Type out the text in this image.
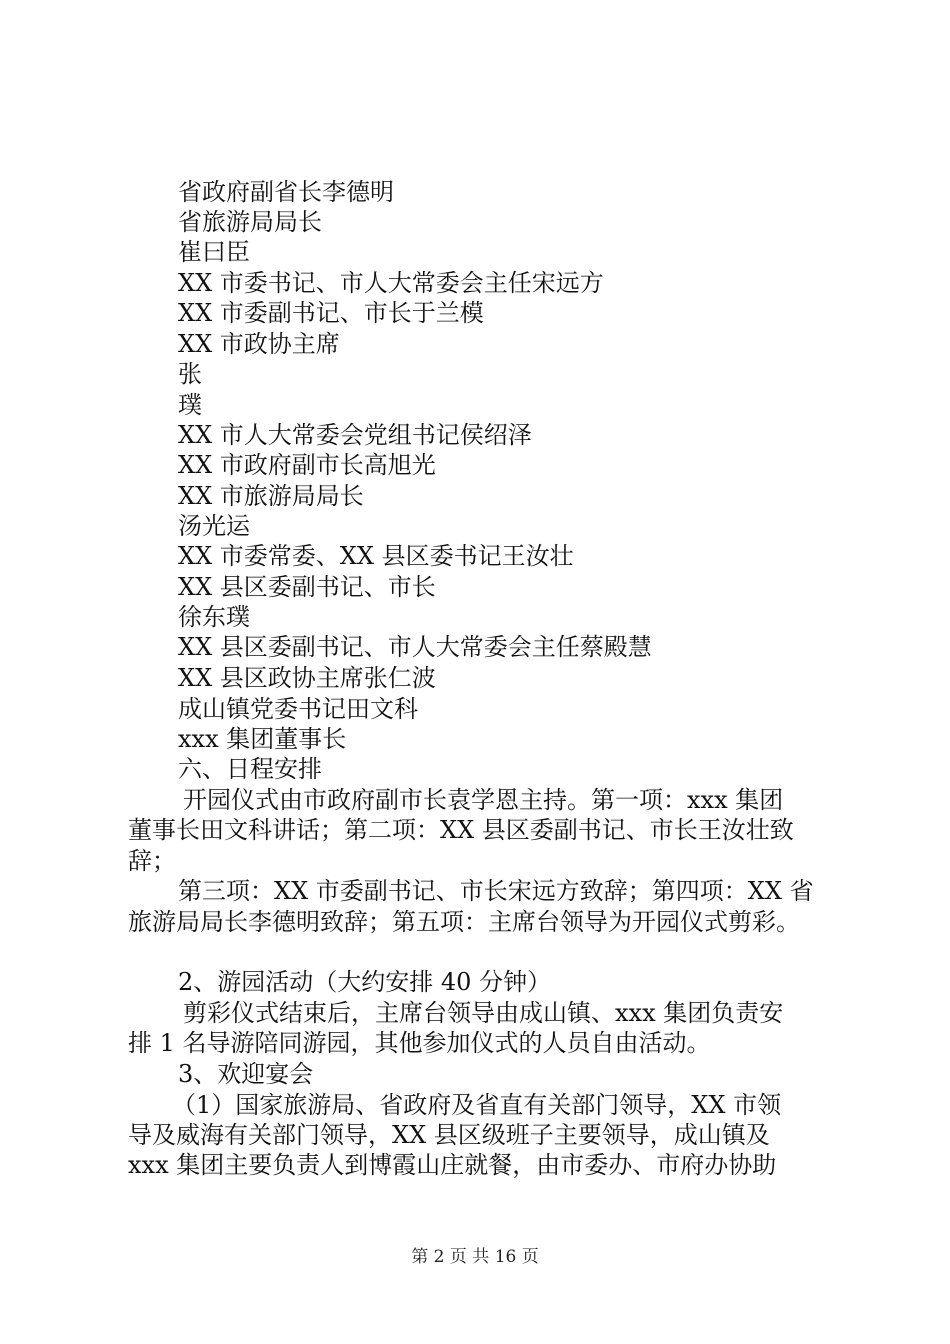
省政府副省长李德明
省旅游局局长
崔曰臣
XX 市委书记、市人大常委会主任宋远方
XX 市委副书记、市长于兰模
XX 市政协主席
张
璞
XX 市人大常委会党组书记侯绍泽
XX 市政府副市长高旭光
XX 市旅游局局长
汤光运
XX 市委常委、XX 县区委书记王汝壮
XX 县区委副书记、市长
徐东璞
XX 县区委副书记、市人大常委会主任蔡殿慧
XX 县区政协主席张仁波
成山镇党委书记田文科
xxx 集团董事长
六、日程安排
开园仪式由市政府副市长袁学恩主持。第一项：xxx 集团
董事长田文科讲话；第二项：XX 县区委副书记、市长王汝壮致
辞；
第三项：XX 市委副书记、市长宋远方致辞；第四项：XX 省
旅游局局长李德明致辞；第五项：主席台领导为开园仪式剪彩。
2、游园活动（大约安排 40 分钟）
剪彩仪式结束后，主席台领导由成山镇、xxx 集团负责安
排 1 名导游陪同游园，其他参加仪式的人员自由活动。
3、欢迎宴会
（1）国家旅游局、省政府及省直有关部门领导，XX 市领
导及威海有关部门领导，XX 县区级班子主要领导，成山镇及
xxx 集团主要负责人到博霞山庄就餐，由市委办、市府办协助
第 2 页 共 16 页
